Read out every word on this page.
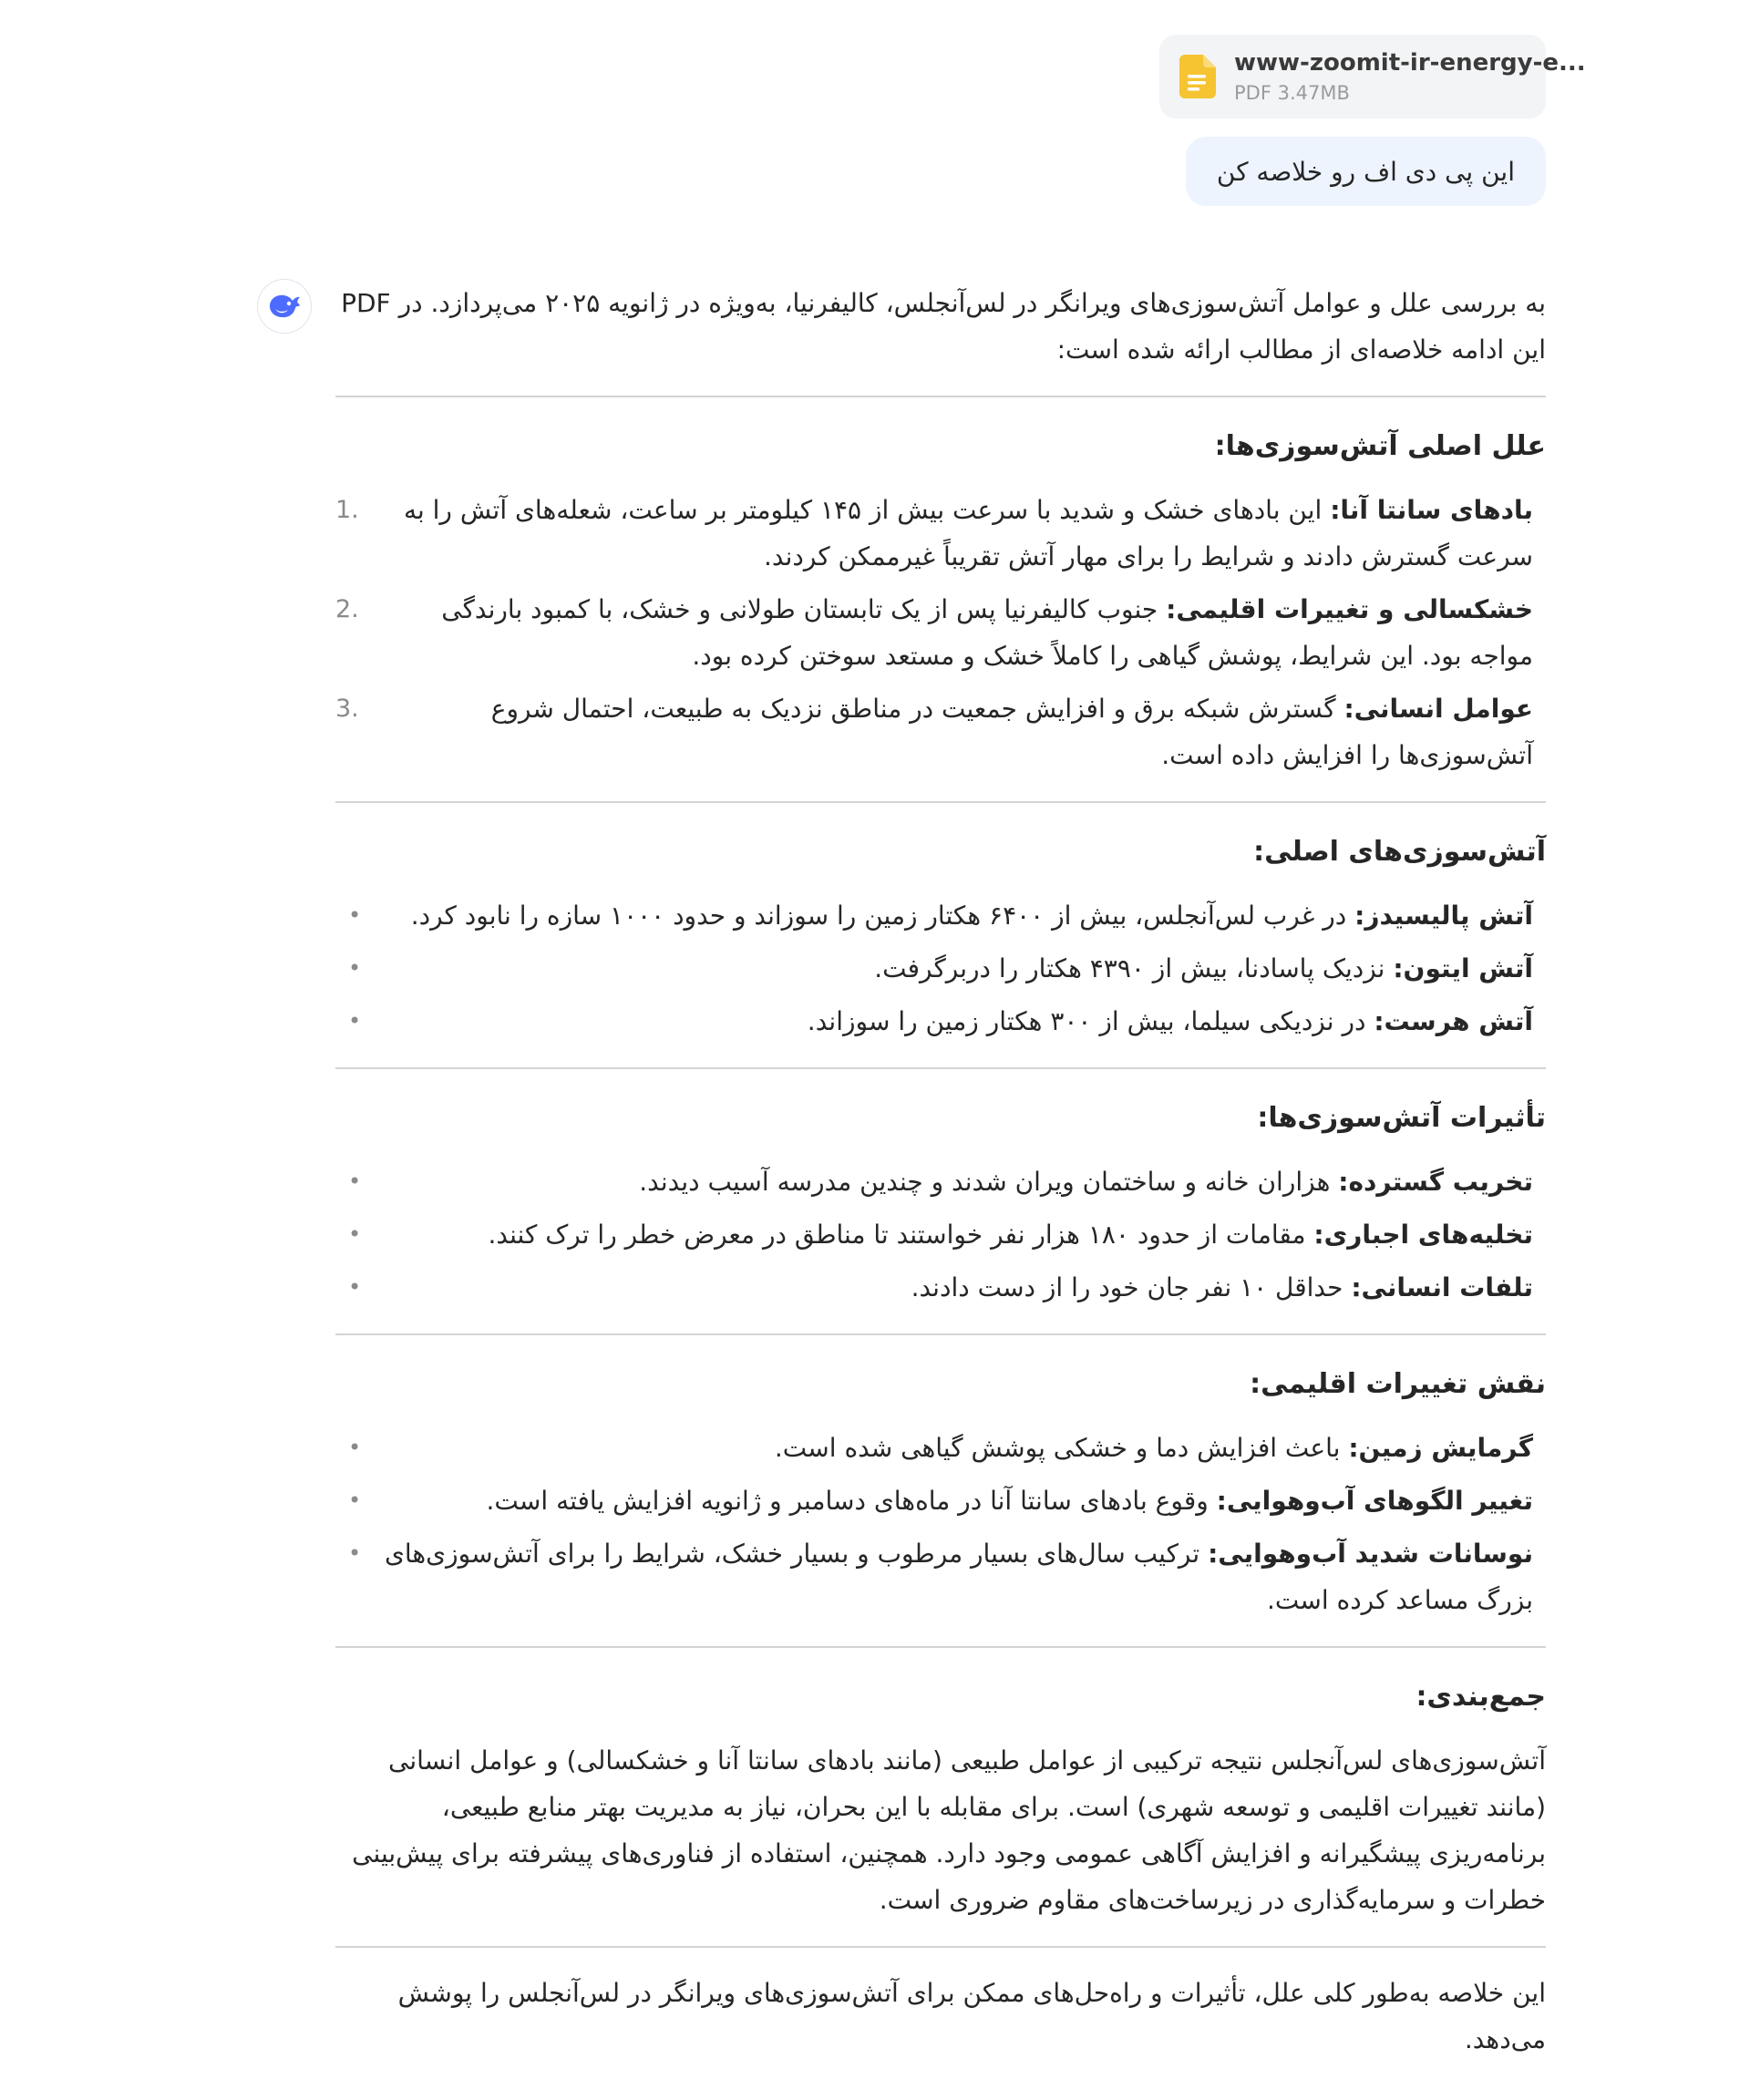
www-zoomit-ir-energy-e...
PDF 3.47MB
این پی دی اف رو خلاصه کن

به بررسی علل و عوامل آتش‌سوزی‌های ویرانگر در لس‌آنجلس، کالیفرنیا، به‌ویژه در ژانویه ۲۰۲۵ می‌پردازد. در PDF این ادامه خلاصه‌ای از مطالب ارائه شده است:

علل اصلی آتش‌سوزی‌ها:
1.	بادهای سانتا آنا: این بادهای خشک و شدید با سرعت بیش از ۱۴۵ کیلومتر بر ساعت، شعله‌های آتش را به سرعت گسترش دادند و شرایط را برای مهار آتش تقریباً غیرممکن کردند.
2.	خشکسالی و تغییرات اقلیمی: جنوب کالیفرنیا پس از یک تابستان طولانی و خشک، با کمبود بارندگی مواجه بود. این شرایط، پوشش گیاهی را کاملاً خشک و مستعد سوختن کرده بود.
3.	عوامل انسانی: گسترش شبکه برق و افزایش جمعیت در مناطق نزدیک به طبیعت، احتمال شروع آتش‌سوزی‌ها را افزایش داده است.
آتش‌سوزی‌های اصلی:
•	آتش پالیسیدز: در غرب لس‌آنجلس، بیش از ۶۴۰۰ هکتار زمین را سوزاند و حدود ۱۰۰۰ سازه را نابود کرد.
•	آتش ایتون: نزدیک پاسادنا، بیش از ۴۳۹۰ هکتار را دربرگرفت.
•	آتش هرست: در نزدیکی سیلما، بیش از ۳۰۰ هکتار زمین را سوزاند.
تأثیرات آتش‌سوزی‌ها:
•	تخریب گسترده: هزاران خانه و ساختمان ویران شدند و چندین مدرسه آسیب دیدند.
•	تخلیه‌های اجباری: مقامات از حدود ۱۸۰ هزار نفر خواستند تا مناطق در معرض خطر را ترک کنند.
•	تلفات انسانی: حداقل ۱۰ نفر جان خود را از دست دادند.
نقش تغییرات اقلیمی:
•	گرمایش زمین: باعث افزایش دما و خشکی پوشش گیاهی شده است.
•	تغییر الگوهای آب‌وهوایی: وقوع بادهای سانتا آنا در ماه‌های دسامبر و ژانویه افزایش یافته است.
•	نوسانات شدید آب‌وهوایی: ترکیب سال‌های بسیار مرطوب و بسیار خشک، شرایط را برای آتش‌سوزی‌های بزرگ مساعد کرده است.
جمع‌بندی:

آتش‌سوزی‌های لس‌آنجلس نتیجه ترکیبی از عوامل طبیعی (مانند بادهای سانتا آنا و خشکسالی) و عوامل انسانی (مانند تغییرات اقلیمی و توسعه شهری) است. برای مقابله با این بحران، نیاز به مدیریت بهتر منابع طبیعی، برنامه‌ریزی پیشگیرانه و افزایش آگاهی عمومی وجود دارد. همچنین، استفاده از فناوری‌های پیشرفته برای پیش‌بینی خطرات و سرمایه‌گذاری در زیرساخت‌های مقاوم ضروری است.

این خلاصه به‌طور کلی علل، تأثیرات و راه‌حل‌های ممکن برای آتش‌سوزی‌های ویرانگر در لس‌آنجلس را پوشش می‌دهد.
